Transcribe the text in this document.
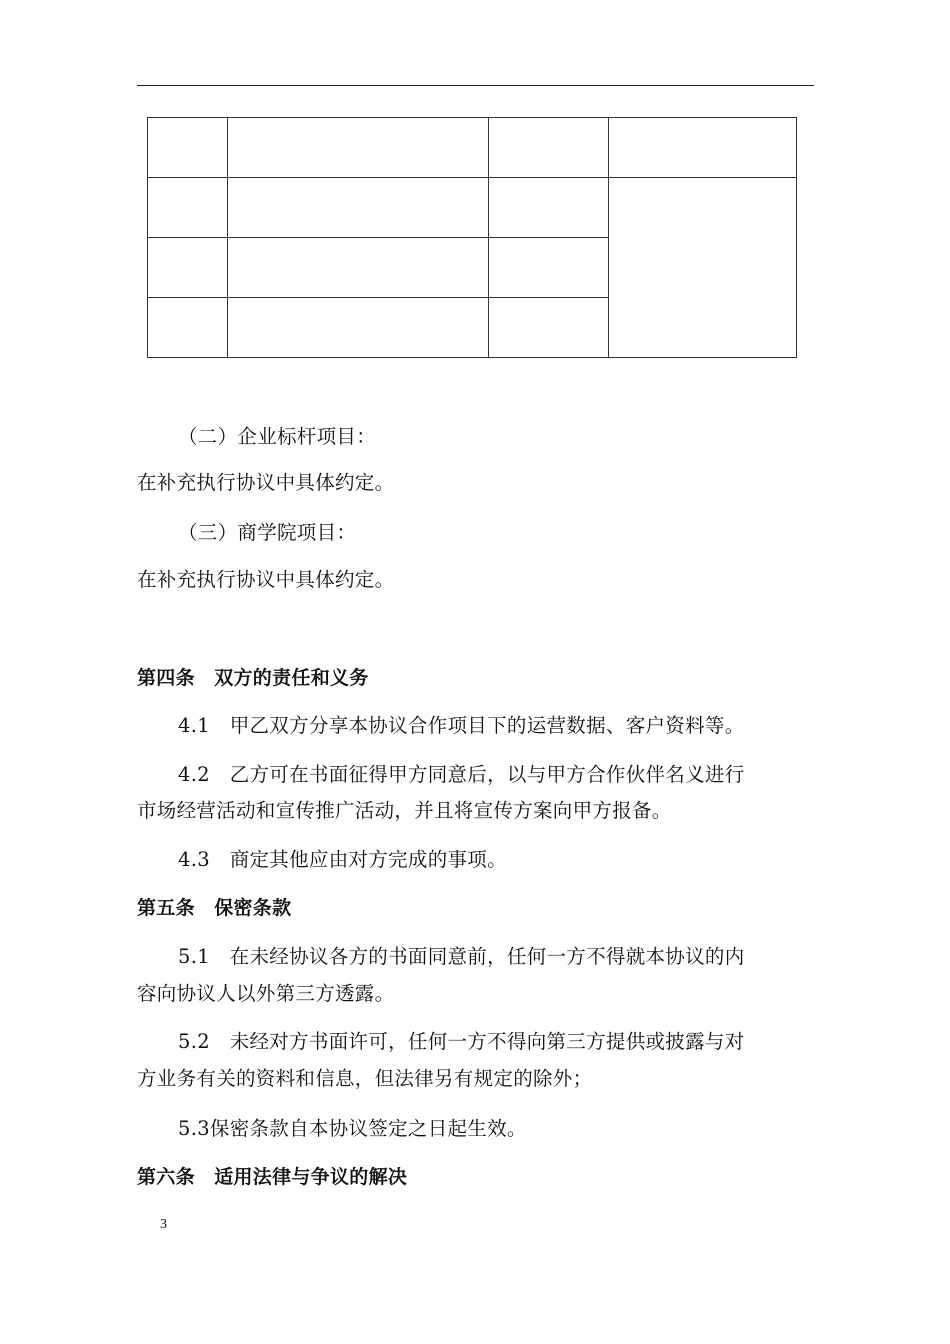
（二）企业标杆项目：
在补充执行协议中具体约定。
（三）商学院项目：
在补充执行协议中具体约定。
第四条　双方的责任和义务
4.1　甲乙双方分享本协议合作项目下的运营数据、客户资料等。
4.2　乙方可在书面征得甲方同意后，以与甲方合作伙伴名义进行
市场经营活动和宣传推广活动，并且将宣传方案向甲方报备。
4.3　商定其他应由对方完成的事项。
第五条　保密条款
5.1　在未经协议各方的书面同意前，任何一方不得就本协议的内
容向协议人以外第三方透露。
5.2　未经对方书面许可，任何一方不得向第三方提供或披露与对
方业务有关的资料和信息，但法律另有规定的除外；
5.3保密条款自本协议签定之日起生效。
第六条　适用法律与争议的解决
3
